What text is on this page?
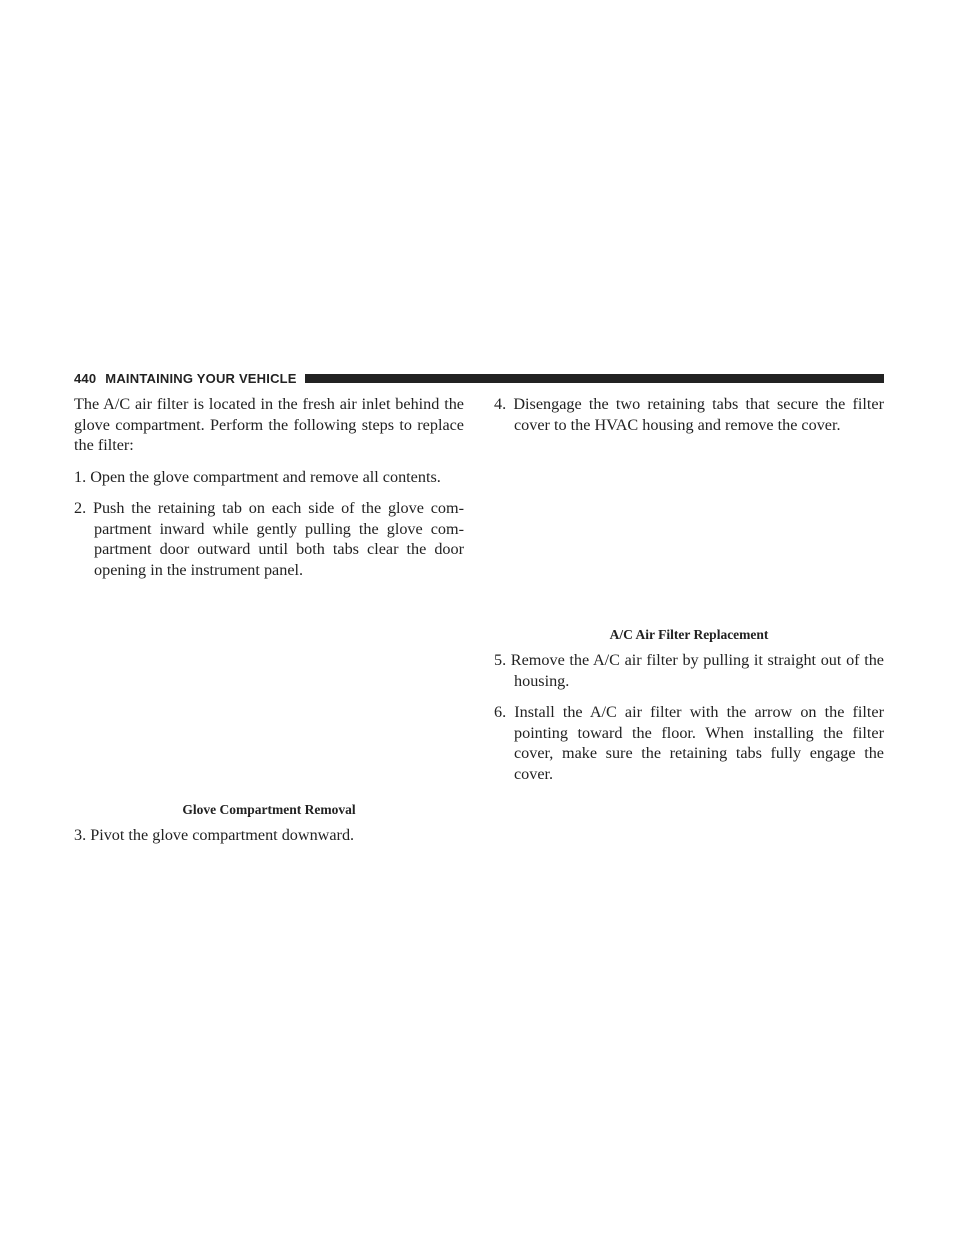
440 MAINTAINING YOUR VEHICLE

The A/C air filter is located in the fresh air inlet behind the glove compartment. Perform the following steps to replace the filter:

1. Open the glove compartment and remove all contents.
2. Push the retaining tab on each side of the glove com- partment inward while gently pulling the glove com- partment door outward until both tabs clear the door opening in the instrument panel.
Glove Compartment Removal
3. Pivot the glove compartment downward.
4. Disengage the two retaining tabs that secure the filter cover to the HVAC housing and remove the cover.
A/C Air Filter Replacement
5. Remove the A/C air filter by pulling it straight out of the housing.
6. Install the A/C air filter with the arrow on the filter pointing toward the floor. When installing the filter cover, make sure the retaining tabs fully engage the cover.
